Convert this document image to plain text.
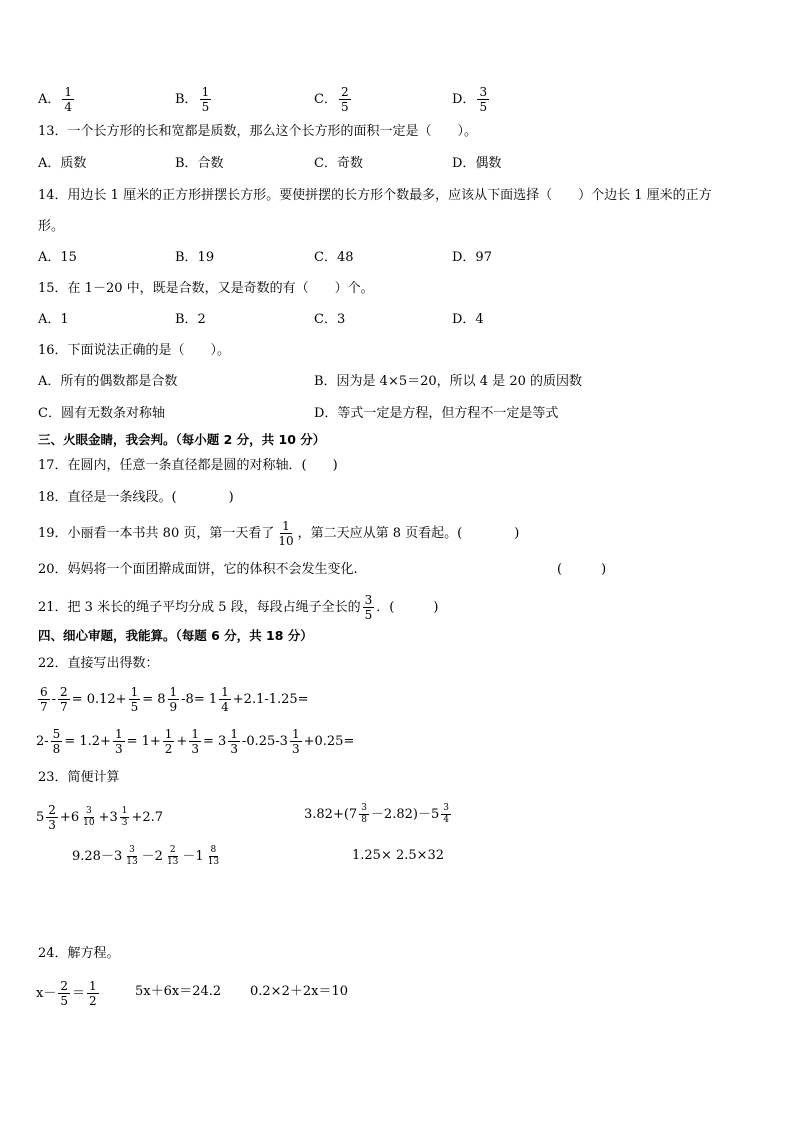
A． $\frac{1}{4}$	B． $\frac{1}{5}$	C． $\frac{2}{5}$	D． $\frac{3}{5}$
13．一个长方形的长和宽都是质数，那么这个长方形的面积一定是（　　）。
A．质数	B．合数	C．奇数	D．偶数
14．用边长 1 厘米的正方形拼摆长方形。要使拼摆的长方形个数最多，应该从下面选择（　　）个边长 1 厘米的正方
形。
A．15	B．19	C．48	D．97
15．在 1－20 中，既是合数，又是奇数的有（　　）个。
A．1	B．2	C．3	D．4
16．下面说法正确的是（　　）。
A．所有的偶数都是合数	B．因为是 4×5＝20，所以 4 是 20 的质因数
C．圆有无数条对称轴	D．等式一定是方程，但方程不一定是等式
三、火眼金睛，我会判。（每小题 2 分，共 10 分）
17．在圆内，任意一条直径都是圆的对称轴．(　　)
18．直径是一条线段。(　　　　)
19．小丽看一本书共 80 页，第一天看了 $\frac{1}{10}$ ，第二天应从第 8 页看起。(　　　　)
20．妈妈将一个面团擀成面饼，它的体积不会发生变化.	(　　　)
21．把 3 米长的绳子平均分成 5 段，每段占绳子全长的 $\frac{3}{5}$ ．(　　　)
四、细心审题，我能算。（每题 6 分，共 18 分）
22．直接写出得数：
$\frac{6}{7} - \frac{2}{7} = 0.12+ \frac{1}{5} = 8 \frac{1}{9} -8= 1 \frac{1}{4} +2.1-1.25=$
$2- \frac{5}{8} = 1.2+ \frac{1}{3} = 1+ \frac{1}{2} + \frac{1}{3} = 3 \frac{1}{3} -0.25-3 \frac{1}{3} +0.25=$
23．简便计算
$5 \frac{2}{3} +6 \frac{3}{10} +3 \frac{1}{3} +2.7$	$3.82+(7 \frac{3}{8} -2.82)-5 \frac{3}{4}$
$9.28-3 \frac{3}{13} -2 \frac{2}{13} -1 \frac{8}{13}$	1.25× 2.5×32
24．解方程。
$x- \frac{2}{5} = \frac{1}{2}$	5x＋6x＝24.2 0.2×2＋2x＝10
